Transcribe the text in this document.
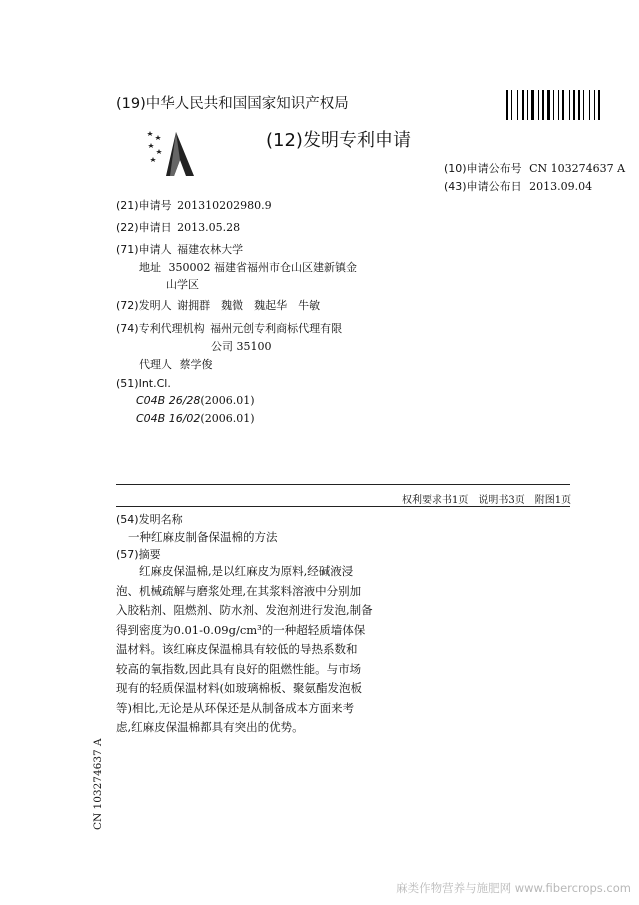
(19)中华人民共和国国家知识产权局
(12)发明专利申请
(10)申请公布号 CN 103274637 A
(43)申请公布日 2013.09.04
(21)申请号 201310202980.9
(22)申请日 2013.05.28
(71)申请人 福建农林大学
地址 350002 福建省福州市仓山区建新镇金
山学区
(72)发明人 谢拥群　魏微　魏起华　牛敏
(74)专利代理机构 福州元创专利商标代理有限
公司 35100
代理人 蔡学俊
(51)Int.Cl.
C04B 26/28(2006.01)
C04B 16/02(2006.01)
权利要求书1页　说明书3页　附图1页
(54)发明名称
一种红麻皮制备保温棉的方法
(57)摘要
红麻皮保温棉,是以红麻皮为原料,经碱液浸
泡、机械疏解与磨浆处理,在其浆料溶液中分别加
入胶粘剂、阻燃剂、防水剂、发泡剂进行发泡,制备
得到密度为0.01-0.09g/cm³的一种超轻质墙体保
温材料。该红麻皮保温棉具有较低的导热系数和
较高的氧指数,因此具有良好的阻燃性能。与市场
现有的轻质保温材料(如玻璃棉板、聚氨酯发泡板
等)相比,无论是从环保还是从制备成本方面来考
虑,红麻皮保温棉都具有突出的优势。
CN 103274637 A
麻类作物营养与施肥网 www.fibercrops.com
